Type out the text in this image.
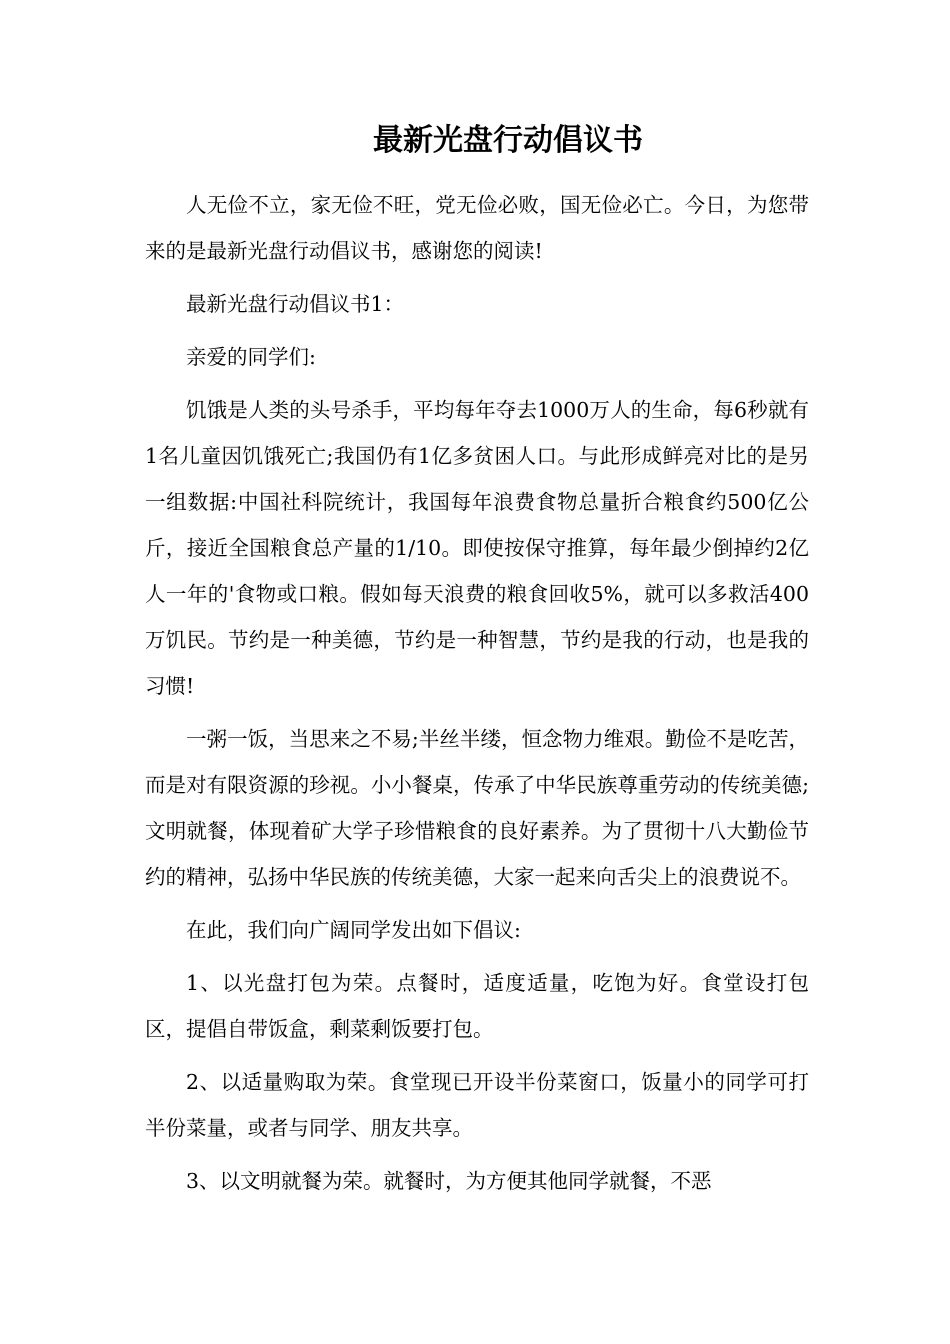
最新光盘行动倡议书

人无俭不立，家无俭不旺，党无俭必败，国无俭必亡。今日，为您带来的是最新光盘行动倡议书，感谢您的阅读!

最新光盘行动倡议书1：

亲爱的同学们:

饥饿是人类的头号杀手，平均每年夺去1000万人的生命，每6秒就有1名儿童因饥饿死亡;我国仍有1亿多贫困人口。与此形成鲜亮对比的是另一组数据:中国社科院统计，我国每年浪费食物总量折合粮食约500亿公斤，接近全国粮食总产量的1/10。即使按保守推算，每年最少倒掉约2亿人一年的'食物或口粮。假如每天浪费的粮食回收5%，就可以多救活400万饥民。节约是一种美德，节约是一种智慧，节约是我的行动，也是我的习惯!

一粥一饭，当思来之不易;半丝半缕，恒念物力维艰。勤俭不是吃苦，而是对有限资源的珍视。小小餐桌，传承了中华民族尊重劳动的传统美德;文明就餐，体现着矿大学子珍惜粮食的良好素养。为了贯彻十八大勤俭节约的精神，弘扬中华民族的传统美德，大家一起来向舌尖上的浪费说不。

在此，我们向广阔同学发出如下倡议:

1、以光盘打包为荣。点餐时，适度适量，吃饱为好。食堂设打包区，提倡自带饭盒，剩菜剩饭要打包。

2、以适量购取为荣。食堂现已开设半份菜窗口，饭量小的同学可打半份菜量，或者与同学、朋友共享。

3、以文明就餐为荣。就餐时，为方便其他同学就餐，不恶
